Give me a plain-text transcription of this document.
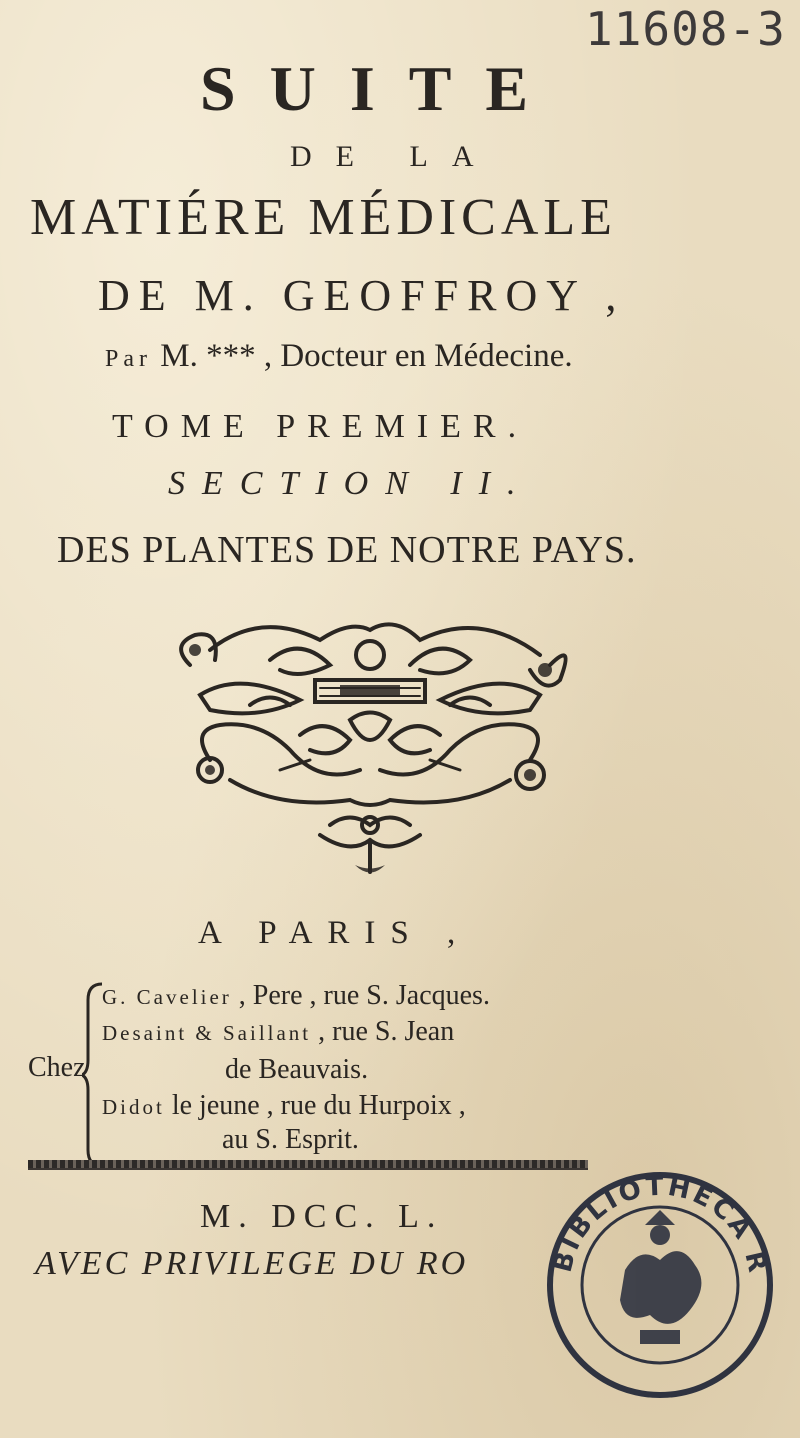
11608-3
SUITE
DE LA
MATIÉRE MÉDICALE
DE M. GEOFFROY ,
Par M. *** , Docteur en Médecine.
TOME PREMIER.
SECTION II.
DES PLANTES DE NOTRE PAYS.
A PARIS ,
Chez
G. Cavelier , Pere , rue S. Jacques.
Desaint & Saillant , rue S. Jean
de Beauvais.
Didot le jeune , rue du Hurpoix ,
au S. Esprit.
M. DCC. L.
AVEC PRIVILEGE DU RO	BIBLIOTHECA R
